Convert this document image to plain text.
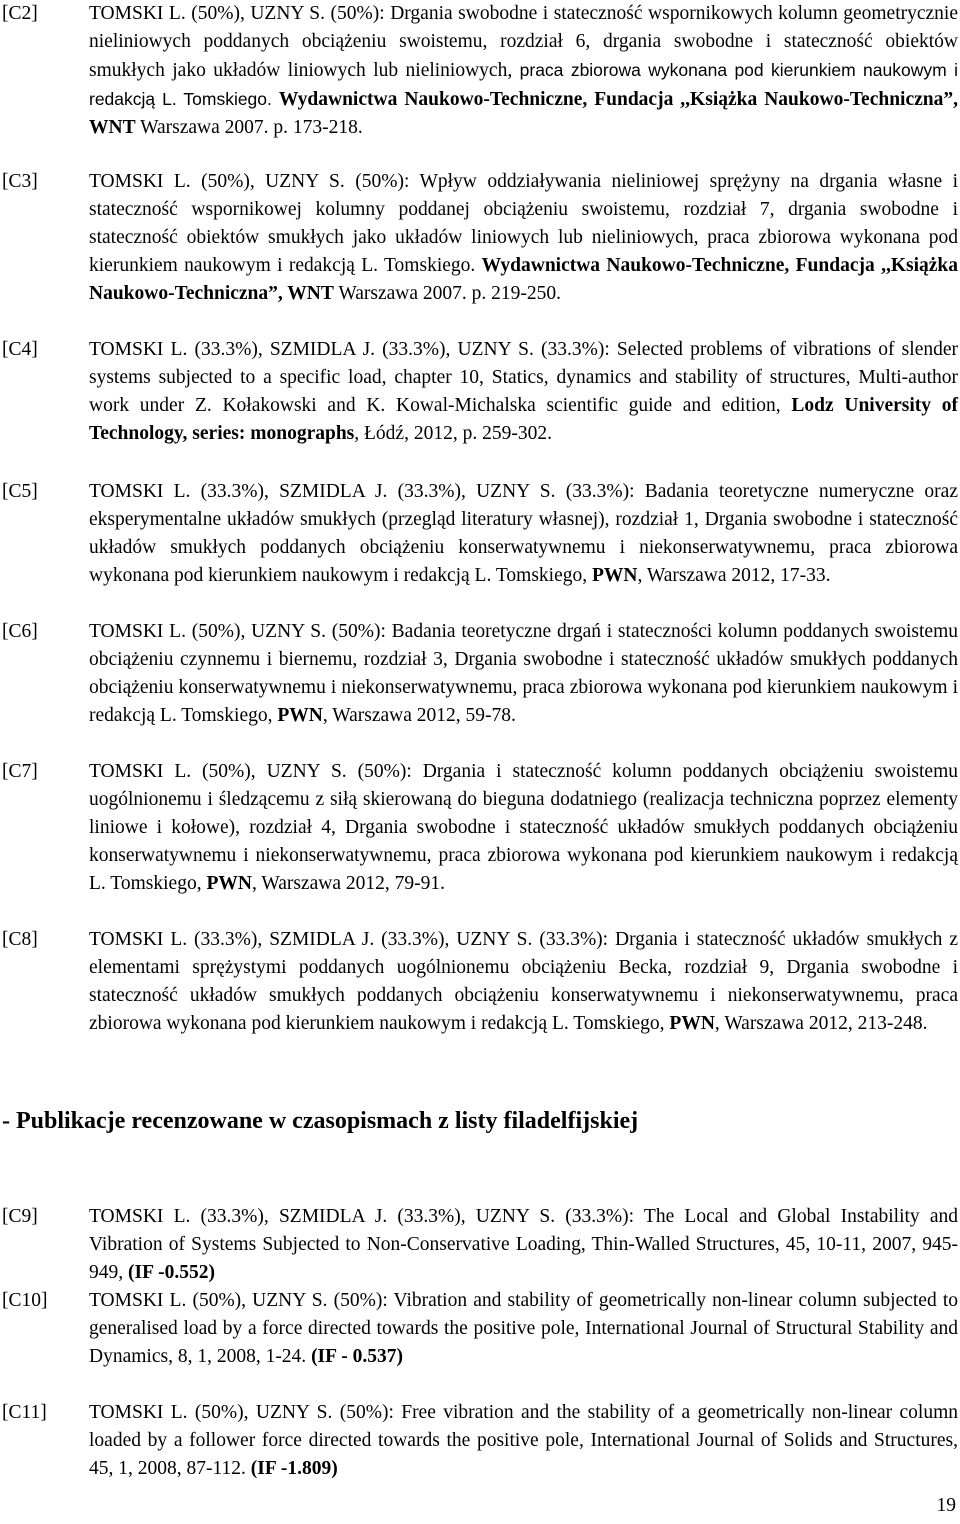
[C2]	TOMSKI L. (50%), UZNY S. (50%): Drgania swobodne i stateczność wspornikowych kolumn geometrycznie nieliniowych poddanych obciążeniu swoistemu, rozdział 6, drgania swobodne i stateczność obiektów smukłych jako układów liniowych lub nieliniowych, praca zbiorowa wykonana pod kierunkiem naukowym i redakcją L. Tomskiego. Wydawnictwa Naukowo-Techniczne, Fundacja ,,Książka Naukowo-Techniczna”, WNT Warszawa 2007. p. 173-218.
[C3]	TOMSKI L. (50%), UZNY S. (50%): Wpływ oddziaływania nieliniowej sprężyny na drgania własne i stateczność wspornikowej kolumny poddanej obciążeniu swoistemu, rozdział 7, drgania swobodne i stateczność obiektów smukłych jako układów liniowych lub nieliniowych, praca zbiorowa wykonana pod kierunkiem naukowym i redakcją L. Tomskiego. Wydawnictwa Naukowo-Techniczne, Fundacja ,,Książka Naukowo-Techniczna”, WNT Warszawa 2007. p. 219-250.
[C4]	TOMSKI L. (33.3%), SZMIDLA J. (33.3%), UZNY S. (33.3%): Selected problems of vibrations of slender systems subjected to a specific load, chapter 10, Statics, dynamics and stability of structures, Multi-author work under Z. Kołakowski and K. Kowal-Michalska scientific guide and edition, Lodz University of Technology, series: monographs, Łódź, 2012, p. 259-302.
[C5]	TOMSKI L. (33.3%), SZMIDLA J. (33.3%), UZNY S. (33.3%): Badania teoretyczne numeryczne oraz eksperymentalne układów smukłych (przegląd literatury własnej), rozdział 1, Drgania swobodne i stateczność układów smukłych poddanych obciążeniu konserwatywnemu i niekonserwatywnemu, praca zbiorowa wykonana pod kierunkiem naukowym i redakcją L. Tomskiego, PWN, Warszawa 2012, 17-33.
[C6]	TOMSKI L. (50%), UZNY S. (50%): Badania teoretyczne drgań i stateczności kolumn poddanych swoistemu obciążeniu czynnemu i biernemu, rozdział 3, Drgania swobodne i stateczność układów smukłych poddanych obciążeniu konserwatywnemu i niekonserwatywnemu, praca zbiorowa wykonana pod kierunkiem naukowym i redakcją L. Tomskiego, PWN, Warszawa 2012, 59-78.
[C7]	TOMSKI L. (50%), UZNY S. (50%): Drgania i stateczność kolumn poddanych obciążeniu swoistemu uogólnionemu i śledzącemu z siłą skierowaną do bieguna dodatniego (realizacja techniczna poprzez elementy liniowe i kołowe), rozdział 4, Drgania swobodne i stateczność układów smukłych poddanych obciążeniu konserwatywnemu i niekonserwatywnemu, praca zbiorowa wykonana pod kierunkiem naukowym i redakcją L. Tomskiego, PWN, Warszawa 2012, 79-91.
[C8]	TOMSKI L. (33.3%), SZMIDLA J. (33.3%), UZNY S. (33.3%): Drgania i stateczność układów smukłych z elementami sprężystymi poddanych uogólnionemu obciążeniu Becka, rozdział 9, Drgania swobodne i stateczność układów smukłych poddanych obciążeniu konserwatywnemu i niekonserwatywnemu, praca zbiorowa wykonana pod kierunkiem naukowym i redakcją L. Tomskiego, PWN, Warszawa 2012, 213-248.
- Publikacje recenzowane w czasopismach z listy filadelfijskiej
[C9]	TOMSKI L. (33.3%), SZMIDLA J. (33.3%), UZNY S. (33.3%): The Local and Global Instability and Vibration of Systems Subjected to Non-Conservative Loading, Thin-Walled Structures, 45, 10-11, 2007, 945-949, (IF -0.552)
[C10] TOMSKI L. (50%), UZNY S. (50%): Vibration and stability of geometrically non-linear column subjected to generalised load by a force directed towards the positive pole, International Journal of Structural Stability and Dynamics, 8, 1, 2008, 1-24. (IF - 0.537)
[C11] TOMSKI L. (50%), UZNY S. (50%): Free vibration and the stability of a geometrically non-linear column loaded by a follower force directed towards the positive pole, International Journal of Solids and Structures, 45, 1, 2008, 87-112. (IF -1.809)
19
